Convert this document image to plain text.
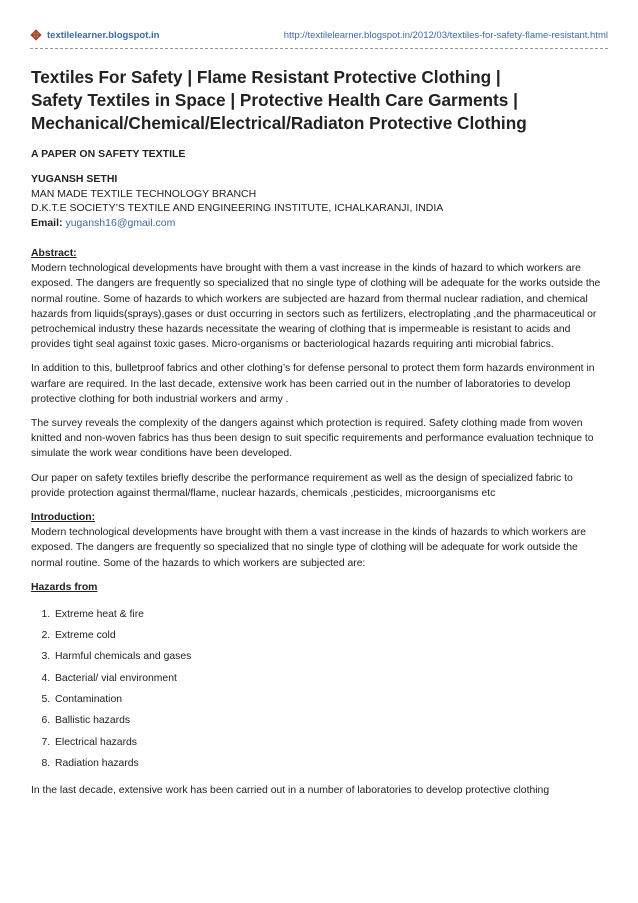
textilelearner.blogspot.in	http://textilelearner.blogspot.in/2012/03/textiles-for-safety-flame-resistant.html
Textiles For Safety | Flame Resistant Protective Clothing |
Safety Textiles in Space | Protective Health Care Garments |
Mechanical/Chemical/Electrical/Radiaton Protective Clothing
A PAPER ON SAFETY TEXTILE
YUGANSH SETHI
MAN MADE TEXTILE TECHNOLOGY BRANCH
D.K.T.E SOCIETY’S TEXTILE AND ENGINEERING INSTITUTE, ICHALKARANJI, INDIA
Email: yugansh16@gmail.com
Abstract:

Modern technological developments have brought with them a vast increase in the kinds of hazard to which workers are exposed. The dangers are frequently so specialized that no single type of clothing will be adequate for the works outside the normal routine. Some of hazards to which workers are subjected are hazard from thermal nuclear radiation, and chemical hazards from liquids(sprays),gases or dust occurring in sectors such as fertilizers, electroplating ,and the pharmaceutical or petrochemical industry these hazards necessitate the wearing of clothing that is impermeable is resistant to acids and provides tight seal against toxic gases. Micro-organisms or bacteriological hazards requiring anti microbial fabrics.

In addition to this, bulletproof fabrics and other clothing’s for defense personal to protect them form hazards environment in warfare are required. In the last decade, extensive work has been carried out in the number of laboratories to develop protective clothing for both industrial workers and army .

The survey reveals the complexity of the dangers against which protection is required. Safety clothing made from woven knitted and non-woven fabrics has thus been design to suit specific requirements and performance evaluation technique to simulate the work wear conditions have been developed.

Our paper on safety textiles briefly describe the performance requirement as well as the design of specialized fabric to provide protection against thermal/flame, nuclear hazards, chemicals ,pesticides, microorganisms etc

Introduction:

Modern technological developments have brought with them a vast increase in the kinds of hazards to which workers are exposed. The dangers are frequently so specialized that no single type of clothing will be adequate for work outside the normal routine. Some of the hazards to which workers are subjected are:

Hazards from
1. Extreme heat & fire
2. Extreme cold
3. Harmful chemicals and gases
4. Bacterial/ vial environment
5. Contamination
6. Ballistic hazards
7. Electrical hazards
8. Radiation hazards

In the last decade, extensive work has been carried out in a number of laboratories to develop protective clothing
